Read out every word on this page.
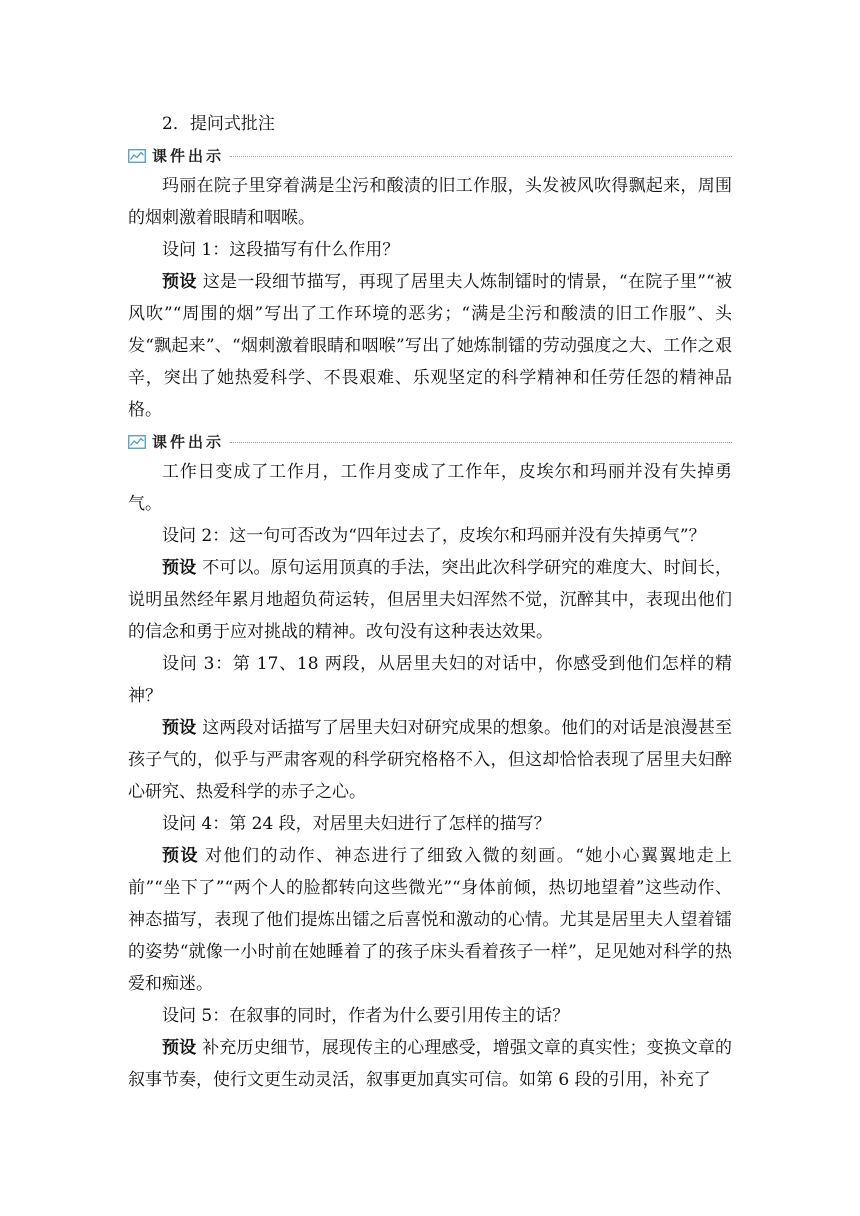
2．提问式批注

课件出示

玛丽在院子里穿着满是尘污和酸渍的旧工作服，头发被风吹得飘起来，周围的烟刺激着眼睛和咽喉。

设问 1：这段描写有什么作用？

预设 这是一段细节描写，再现了居里夫人炼制镭时的情景，“在院子里”“被风吹”“周围的烟”写出了工作环境的恶劣；“满是尘污和酸渍的旧工作服”、头发“飘起来”、“烟刺激着眼睛和咽喉”写出了她炼制镭的劳动强度之大、工作之艰辛，突出了她热爱科学、不畏艰难、乐观坚定的科学精神和任劳任怨的精神品格。

课件出示

工作日变成了工作月，工作月变成了工作年，皮埃尔和玛丽并没有失掉勇气。

设问 2：这一句可否改为“四年过去了，皮埃尔和玛丽并没有失掉勇气”？

预设 不可以。原句运用顶真的手法，突出此次科学研究的难度大、时间长，说明虽然经年累月地超负荷运转，但居里夫妇浑然不觉，沉醉其中，表现出他们的信念和勇于应对挑战的精神。改句没有这种表达效果。

设问 3：第 17、18 两段，从居里夫妇的对话中，你感受到他们怎样的精神？

预设 这两段对话描写了居里夫妇对研究成果的想象。他们的对话是浪漫甚至孩子气的，似乎与严肃客观的科学研究格格不入，但这却恰恰表现了居里夫妇醉心研究、热爱科学的赤子之心。

设问 4：第 24 段，对居里夫妇进行了怎样的描写？

预设 对他们的动作、神态进行了细致入微的刻画。“她小心翼翼地走上前”“坐下了”“两个人的脸都转向这些微光”“身体前倾，热切地望着”这些动作、神态描写，表现了他们提炼出镭之后喜悦和激动的心情。尤其是居里夫人望着镭的姿势“就像一小时前在她睡着了的孩子床头看着孩子一样”，足见她对科学的热爱和痴迷。

设问 5：在叙事的同时，作者为什么要引用传主的话？

预设 补充历史细节，展现传主的心理感受，增强文章的真实性；变换文章的叙事节奏，使行文更生动灵活，叙事更加真实可信。如第 6 段的引用，补充了
